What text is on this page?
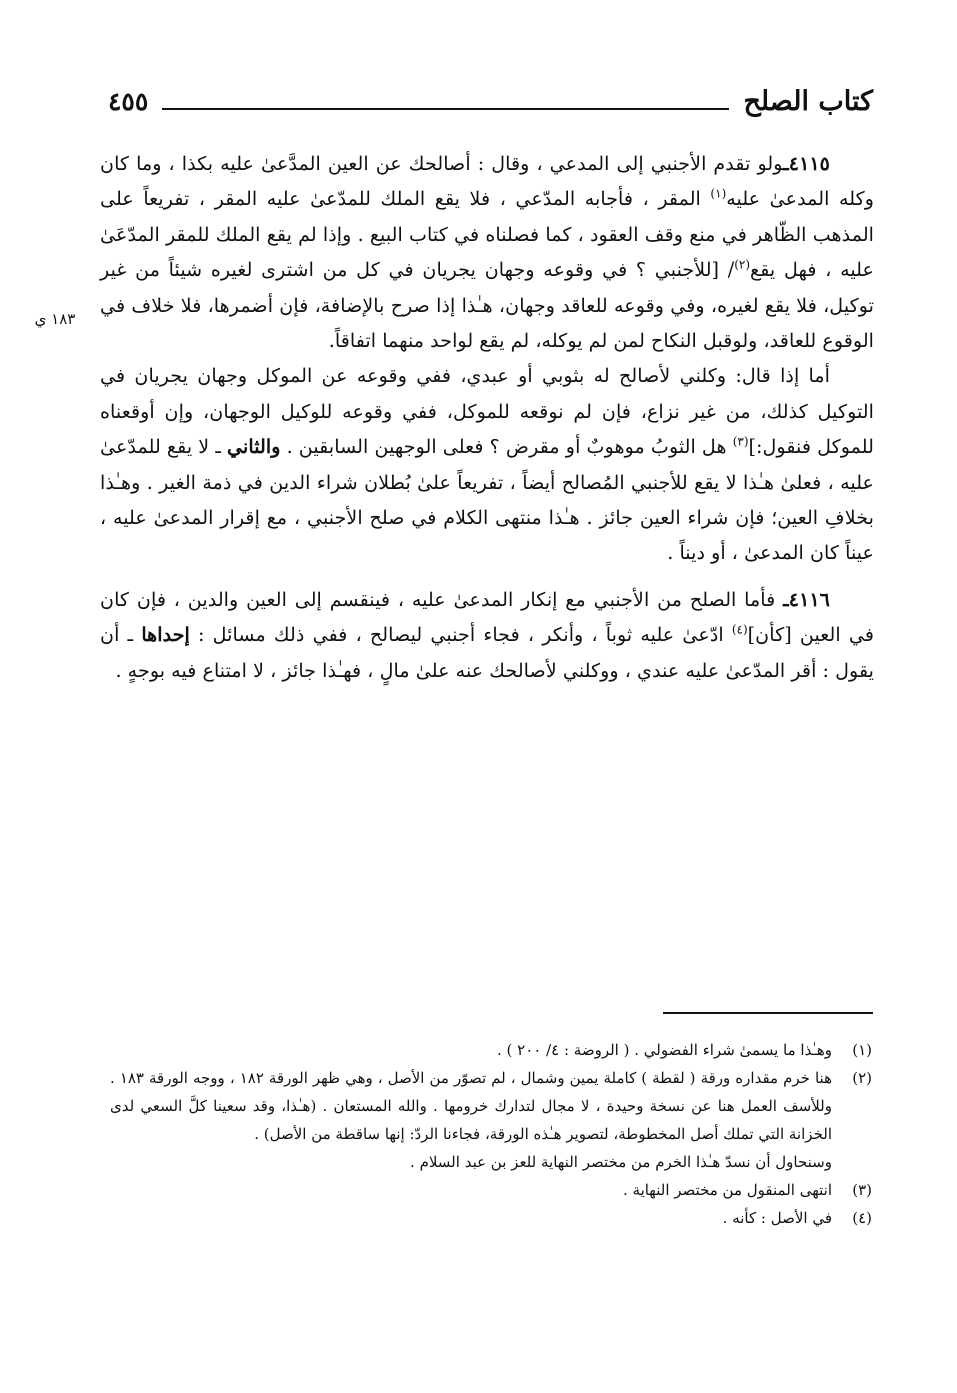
كتاب الصلح
٤٥٥
١٨٣ ي

٤١١٥ـولو تقدم الأجنبي إلى المدعي ، وقال : أصالحك عن العين المدَّعىٰ عليه بكذا ، وما كان وكله المدعىٰ عليه$^{(١)}$ المقر ، فأجابه المدّعي ، فلا يقع الملك للمدّعىٰ عليه المقر ، تفريعاً على المذهب الظّاهر في منع وقف العقود ، كما فصلناه في كتاب البيع . وإذا لم يقع الملك للمقر المدّعَىٰ عليه ، فهل يقع$^{(٢)}$/ [للأجنبي ؟ في وقوعه وجهان يجريان في كل من اشترى لغيره شيئاً من غير توكيل، فلا يقع لغيره، وفي وقوعه للعاقد وجهان، هـٰذا إذا صرح بالإضافة، فإن أضمرها، فلا خلاف في الوقوع للعاقد، ولوقبل النكاح لمن لم يوكله، لم يقع لواحد منهما اتفاقاً.

أما إذا قال: وكلني لأصالح له بثوبي أو عبدي، ففي وقوعه عن الموكل وجهان يجريان في التوكيل كذلك، من غير نزاع، فإن لم نوقعه للموكل، ففي وقوعه للوكيل الوجهان، وإن أوقعناه للموكل فنقول:]$^{(٣)}$ هل الثوبُ موهوبٌ أو مقرض ؟ فعلى الوجهين السابقين . والثاني ـ لا يقع للمدّعىٰ عليه ، فعلىٰ هـٰذا لا يقع للأجنبي المُصالح أيضاً ، تفريعاً علىٰ بُطلان شراء الدين في ذمة الغير . وهـٰذا بخلافِ العين؛ فإن شراء العين جائز . هـٰذا منتهى الكلام في صلح الأجنبي ، مع إقرار المدعىٰ عليه ، عيناً كان المدعىٰ ، أو ديناً .

٤١١٦ـ فأما الصلح من الأجنبي مع إنكار المدعىٰ عليه ، فينقسم إلى العين والدين ، فإن كان في العين [كأن]$^{(٤)}$ ادّعىٰ عليه ثوباً ، وأنكر ، فجاء أجنبي ليصالح ، ففي ذلك مسائل : إحداها ـ أن يقول : أقر المدّعىٰ عليه عندي ، ووكلني لأصالحك عنه علىٰ مالٍ ، فهـٰذا جائز ، لا امتناع فيه بوجهٍ .

(١)
وهـٰذا ما يسمىٰ شراء الفضولي . ( الروضة : ٤/ ٢٠٠ ) .
(٢)
هنا خرم مقداره ورقة ( لقطة ) كاملة يمين وشمال ، لم تصوّر من الأصل ، وهي ظهر الورقة ١٨٢ ، ووجه الورقة ١٨٣ . وللأسف العمل هنا عن نسخة وحيدة ، لا مجال لتدارك خرومها . والله المستعان . (هـٰذا، وقد سعينا كلَّ السعي لدى الخزانة التي تملك أصل المخطوطة، لتصوير هـٰذه الورقة، فجاءنا الردّ: إنها ساقطة من الأصل) .
وسنحاول أن نسدّ هـٰذا الخرم من مختصر النهاية للعز بن عبد السلام .
(٣)
انتهى المنقول من مختصر النهاية .
(٤)
في الأصل : كأنه .
